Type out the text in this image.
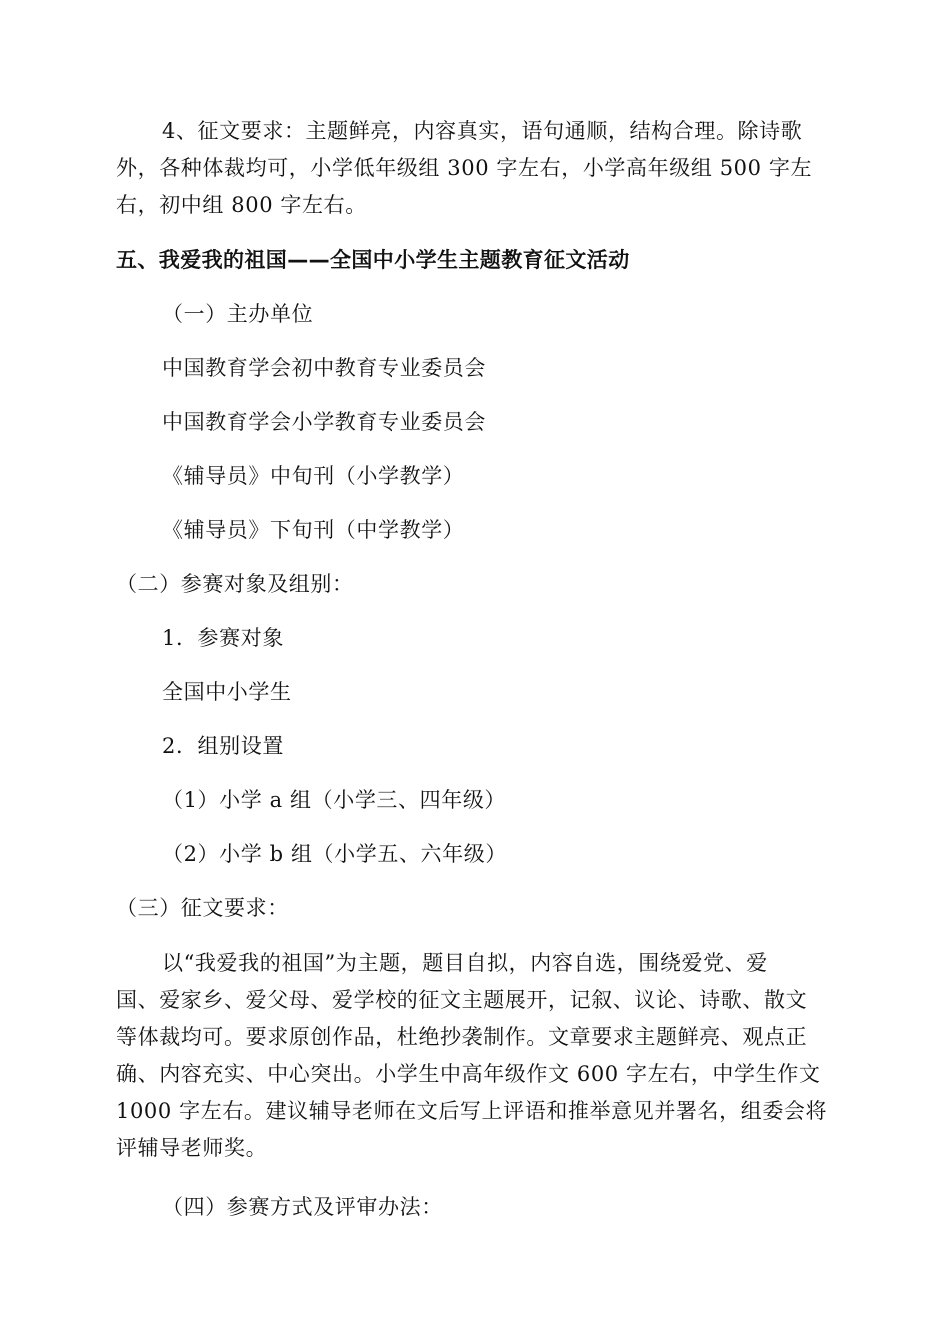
4、征文要求：主题鲜亮，内容真实，语句通顺，结构合理。除诗歌
外，各种体裁均可，小学低年级组 300 字左右，小学高年级组 500 字左
右，初中组 800 字左右。
五、我爱我的祖国——全国中小学生主题教育征文活动
（一）主办单位
中国教育学会初中教育专业委员会
中国教育学会小学教育专业委员会
《辅导员》中旬刊（小学教学）
《辅导员》下旬刊（中学教学）
（二）参赛对象及组别：
1．参赛对象
全国中小学生
2．组别设置
（1）小学 a 组（小学三、四年级）
（2）小学 b 组（小学五、六年级）
（三）征文要求：
以“我爱我的祖国”为主题，题目自拟，内容自选，围绕爱党、爱
国、爱家乡、爱父母、爱学校的征文主题展开，记叙、议论、诗歌、散文
等体裁均可。要求原创作品，杜绝抄袭制作。文章要求主题鲜亮、观点正
确、内容充实、中心突出。小学生中高年级作文 600 字左右，中学生作文
1000 字左右。建议辅导老师在文后写上评语和推举意见并署名，组委会将
评辅导老师奖。
（四）参赛方式及评审办法：
